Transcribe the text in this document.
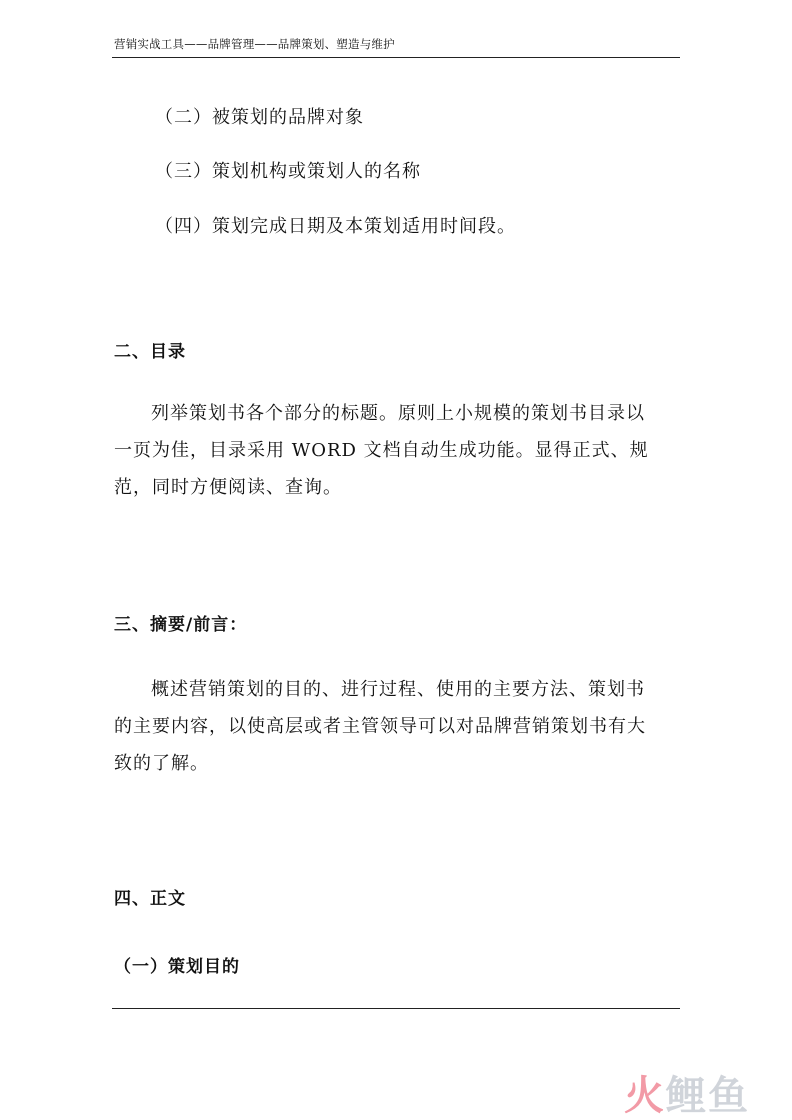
营销实战工具——品牌管理——品牌策划、塑造与维护
（二）被策划的品牌对象
（三）策划机构或策划人的名称
（四）策划完成日期及本策划适用时间段。
二、目录
列举策划书各个部分的标题。原则上小规模的策划书目录以
一页为佳，目录采用 WORD 文档自动生成功能。显得正式、规
范，同时方便阅读、查询。
三、摘要/前言：
概述营销策划的目的、进行过程、使用的主要方法、策划书
的主要内容，以使高层或者主管领导可以对品牌营销策划书有大
致的了解。
四、正文
（一）策划目的
火鲤鱼
